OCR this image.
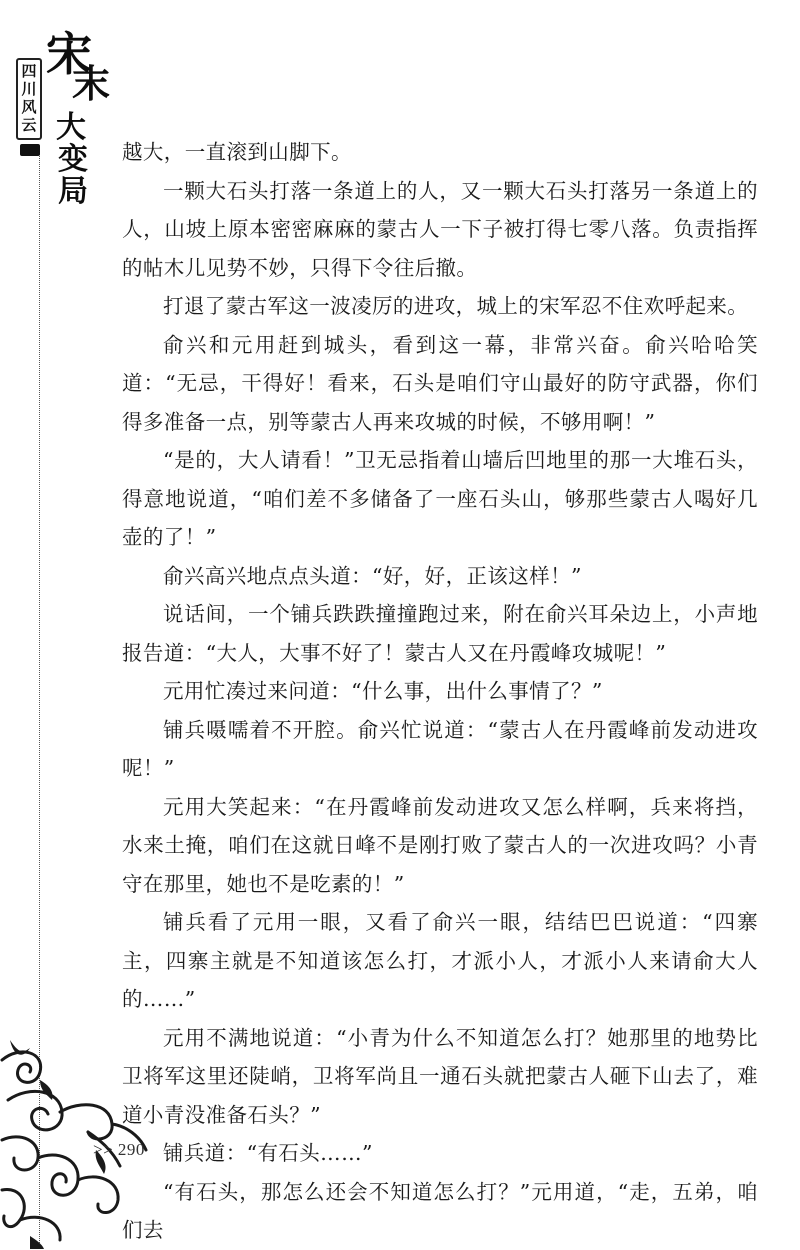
四
川
风
云
宋
末
大
变局

越大，一直滚到山脚下。

一颗大石头打落一条道上的人，又一颗大石头打落另一条道上的人，山坡上原本密密麻麻的蒙古人一下子被打得七零八落。负责指挥的帖木儿见势不妙，只得下令往后撤。

打退了蒙古军这一波凌厉的进攻，城上的宋军忍不住欢呼起来。

俞兴和元用赶到城头，看到这一幕，非常兴奋。俞兴哈哈笑道：“无忌，干得好！看来，石头是咱们守山最好的防守武器，你们得多准备一点，别等蒙古人再来攻城的时候，不够用啊！”

“是的，大人请看！”卫无忌指着山墙后凹地里的那一大堆石头，得意地说道，“咱们差不多储备了一座石头山，够那些蒙古人喝好几壶的了！”

俞兴高兴地点点头道：“好，好，正该这样！”

说话间，一个铺兵跌跌撞撞跑过来，附在俞兴耳朵边上，小声地报告道：“大人，大事不好了！蒙古人又在丹霞峰攻城呢！”

元用忙凑过来问道：“什么事，出什么事情了？”

铺兵嗫嚅着不开腔。俞兴忙说道：“蒙古人在丹霞峰前发动进攻呢！”

元用大笑起来：“在丹霞峰前发动进攻又怎么样啊，兵来将挡，水来土掩，咱们在这就日峰不是刚打败了蒙古人的一次进攻吗？小青守在那里，她也不是吃素的！”

铺兵看了元用一眼，又看了俞兴一眼，结结巴巴说道：“四寨主，四寨主就是不知道该怎么打，才派小人，才派小人来请俞大人的……”

元用不满地说道：“小青为什么不知道怎么打？她那里的地势比卫将军这里还陡峭，卫将军尚且一通石头就把蒙古人砸下山去了，难道小青没准备石头？”

铺兵道：“有石头……”

“有石头，那怎么还会不知道怎么打？”元用道，“走，五弟，咱们去

>> 290
